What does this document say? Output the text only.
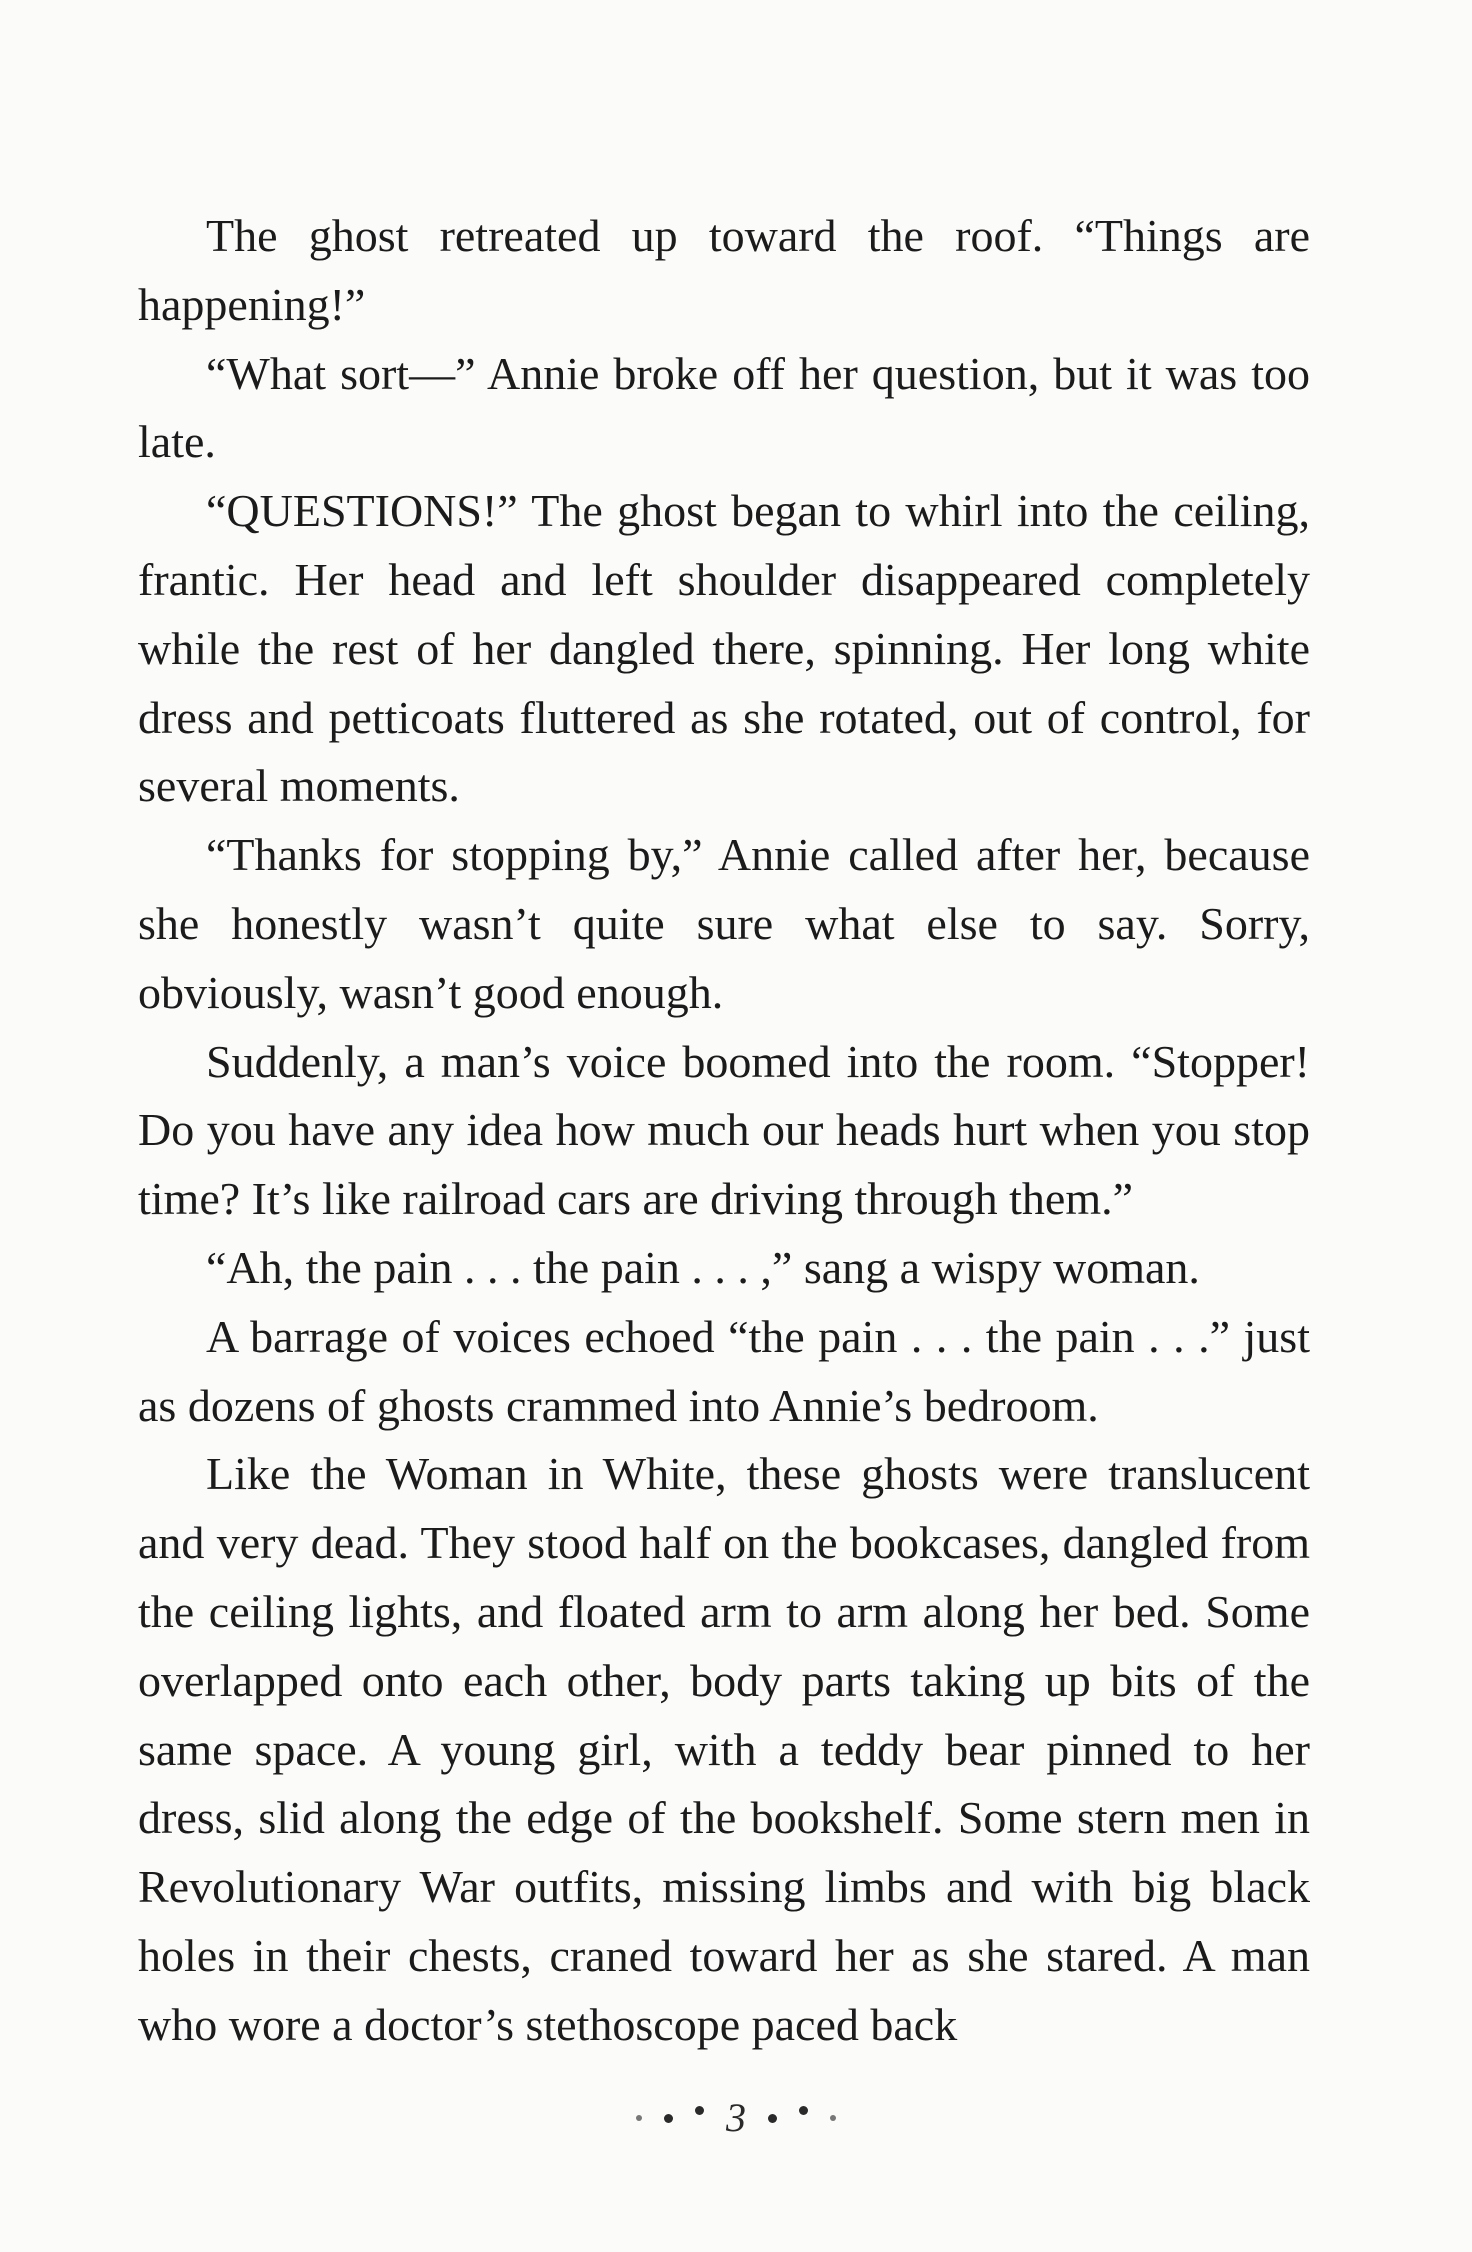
The ghost retreated up toward the roof. “Things are happening!”

“What sort—” Annie broke off her question, but it was too late.

“QUESTIONS!” The ghost began to whirl into the ceiling, frantic. Her head and left shoulder disappeared completely while the rest of her dangled there, spinning. Her long white dress and petticoats fluttered as she rotated, out of control, for several moments.

“Thanks for stopping by,” Annie called after her, because she honestly wasn’t quite sure what else to say. Sorry, obviously, wasn’t good enough.

Suddenly, a man’s voice boomed into the room. “Stopper! Do you have any idea how much our heads hurt when you stop time? It’s like railroad cars are driving through them.”

“Ah, the pain . . . the pain . . . ,” sang a wispy woman.

A barrage of voices echoed “the pain . . . the pain . . .” just as dozens of ghosts crammed into Annie’s bedroom.

Like the Woman in White, these ghosts were translucent and very dead. They stood half on the bookcases, dangled from the ceiling lights, and floated arm to arm along her bed. Some overlapped onto each other, body parts taking up bits of the same space. A young girl, with a teddy bear pinned to her dress, slid along the edge of the bookshelf. Some stern men in Revolutionary War outfits, missing limbs and with big black holes in their chests, craned toward her as she stared. A man who wore a doctor’s stethoscope paced back

3
